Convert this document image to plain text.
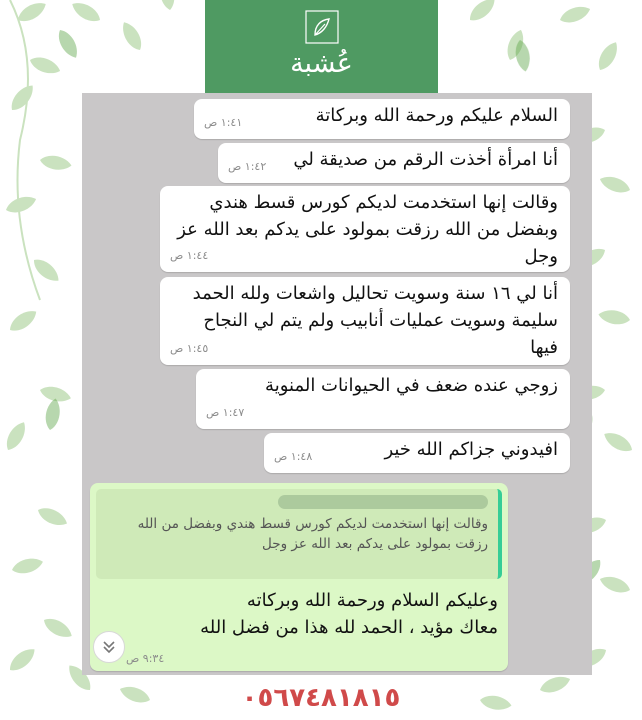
عُشبة
السلام عليكم ورحمة الله وبركاتة
١:٤١ ص
أنا امرأة أخذت الرقم من صديقة لي
١:٤٢ ص
وقالت إنها استخدمت لديكم كورس قسط هندي وبفضل من الله رزقت بمولود على يدكم بعد الله عز وجل
١:٤٤ ص
أنا لي ١٦ سنة وسويت تحاليل واشعات ولله الحمد سليمة وسويت عمليات أنابيب ولم يتم لي النجاح فيها
١:٤٥ ص
زوجي عنده ضعف في الحيوانات المنوية
١:٤٧ ص
افيدوني جزاكم الله خير
١:٤٨ ص
وقالت إنها استخدمت لديكم كورس قسط هندي وبفضل من الله رزقت بمولود على يدكم بعد الله عز وجل
وعليكم السلام ورحمة الله وبركاته
معاك مؤيد ، الحمد لله هذا من فضل الله
٩:٣٤ ص
٠٥٦٧٤٨١٨١٥
